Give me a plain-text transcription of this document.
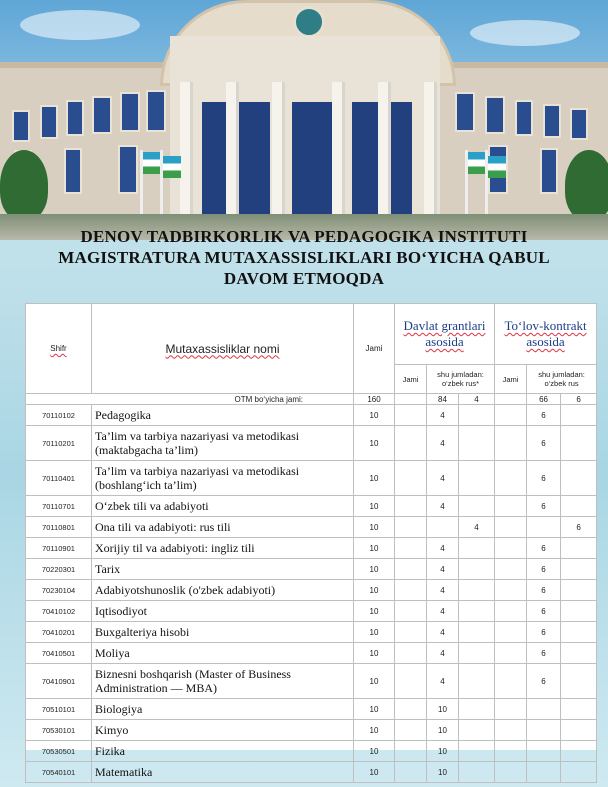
DENOV TADBIRKORLIK VA PEDAGOGIKA INSTITUTI
MAGISTRATURA MUTAXASSISLIKLARI BO‘YICHA QABUL
DAVOM ETMOQDA
Shifr	Mutaxassisliklar nomi	Jami	Davlat grantlari asosida			To‘lov-kontrakt asosida		
			Jami	shu jumladan: o‘zbek rus*		Jami	shu jumladan: o‘zbek rus	
OTM bo‘yicha jami:		160		84	4		66	6
70110102	Pedagogika	10		4			6	
70110201	Ta’lim va tarbiya nazariyasi va metodikasi (maktabgacha ta’lim)	10		4			6	
70110401	Ta’lim va tarbiya nazariyasi va metodikasi (boshlang‘ich ta’lim)	10		4			6	
70110701	O‘zbek tili va adabiyoti	10		4			6	
70110801	Ona tili va adabiyoti: rus tili	10			4			6
70110901	Xorijiy til va adabiyoti: ingliz tili	10		4			6	
70220301	Tarix	10		4			6	
70230104	Adabiyotshunoslik (o'zbek adabiyoti)	10		4			6	
70410102	Iqtisodiyot	10		4			6	
70410201	Buxgalteriya hisobi	10		4			6	
70410501	Moliya	10		4			6	
70410901	Biznesni boshqarish (Master of Business Administration — MBA)	10		4			6	
70510101	Biologiya	10		10				
70530101	Kimyo	10		10				
70530501	Fizika	10		10				
70540101	Matematika	10		10				
